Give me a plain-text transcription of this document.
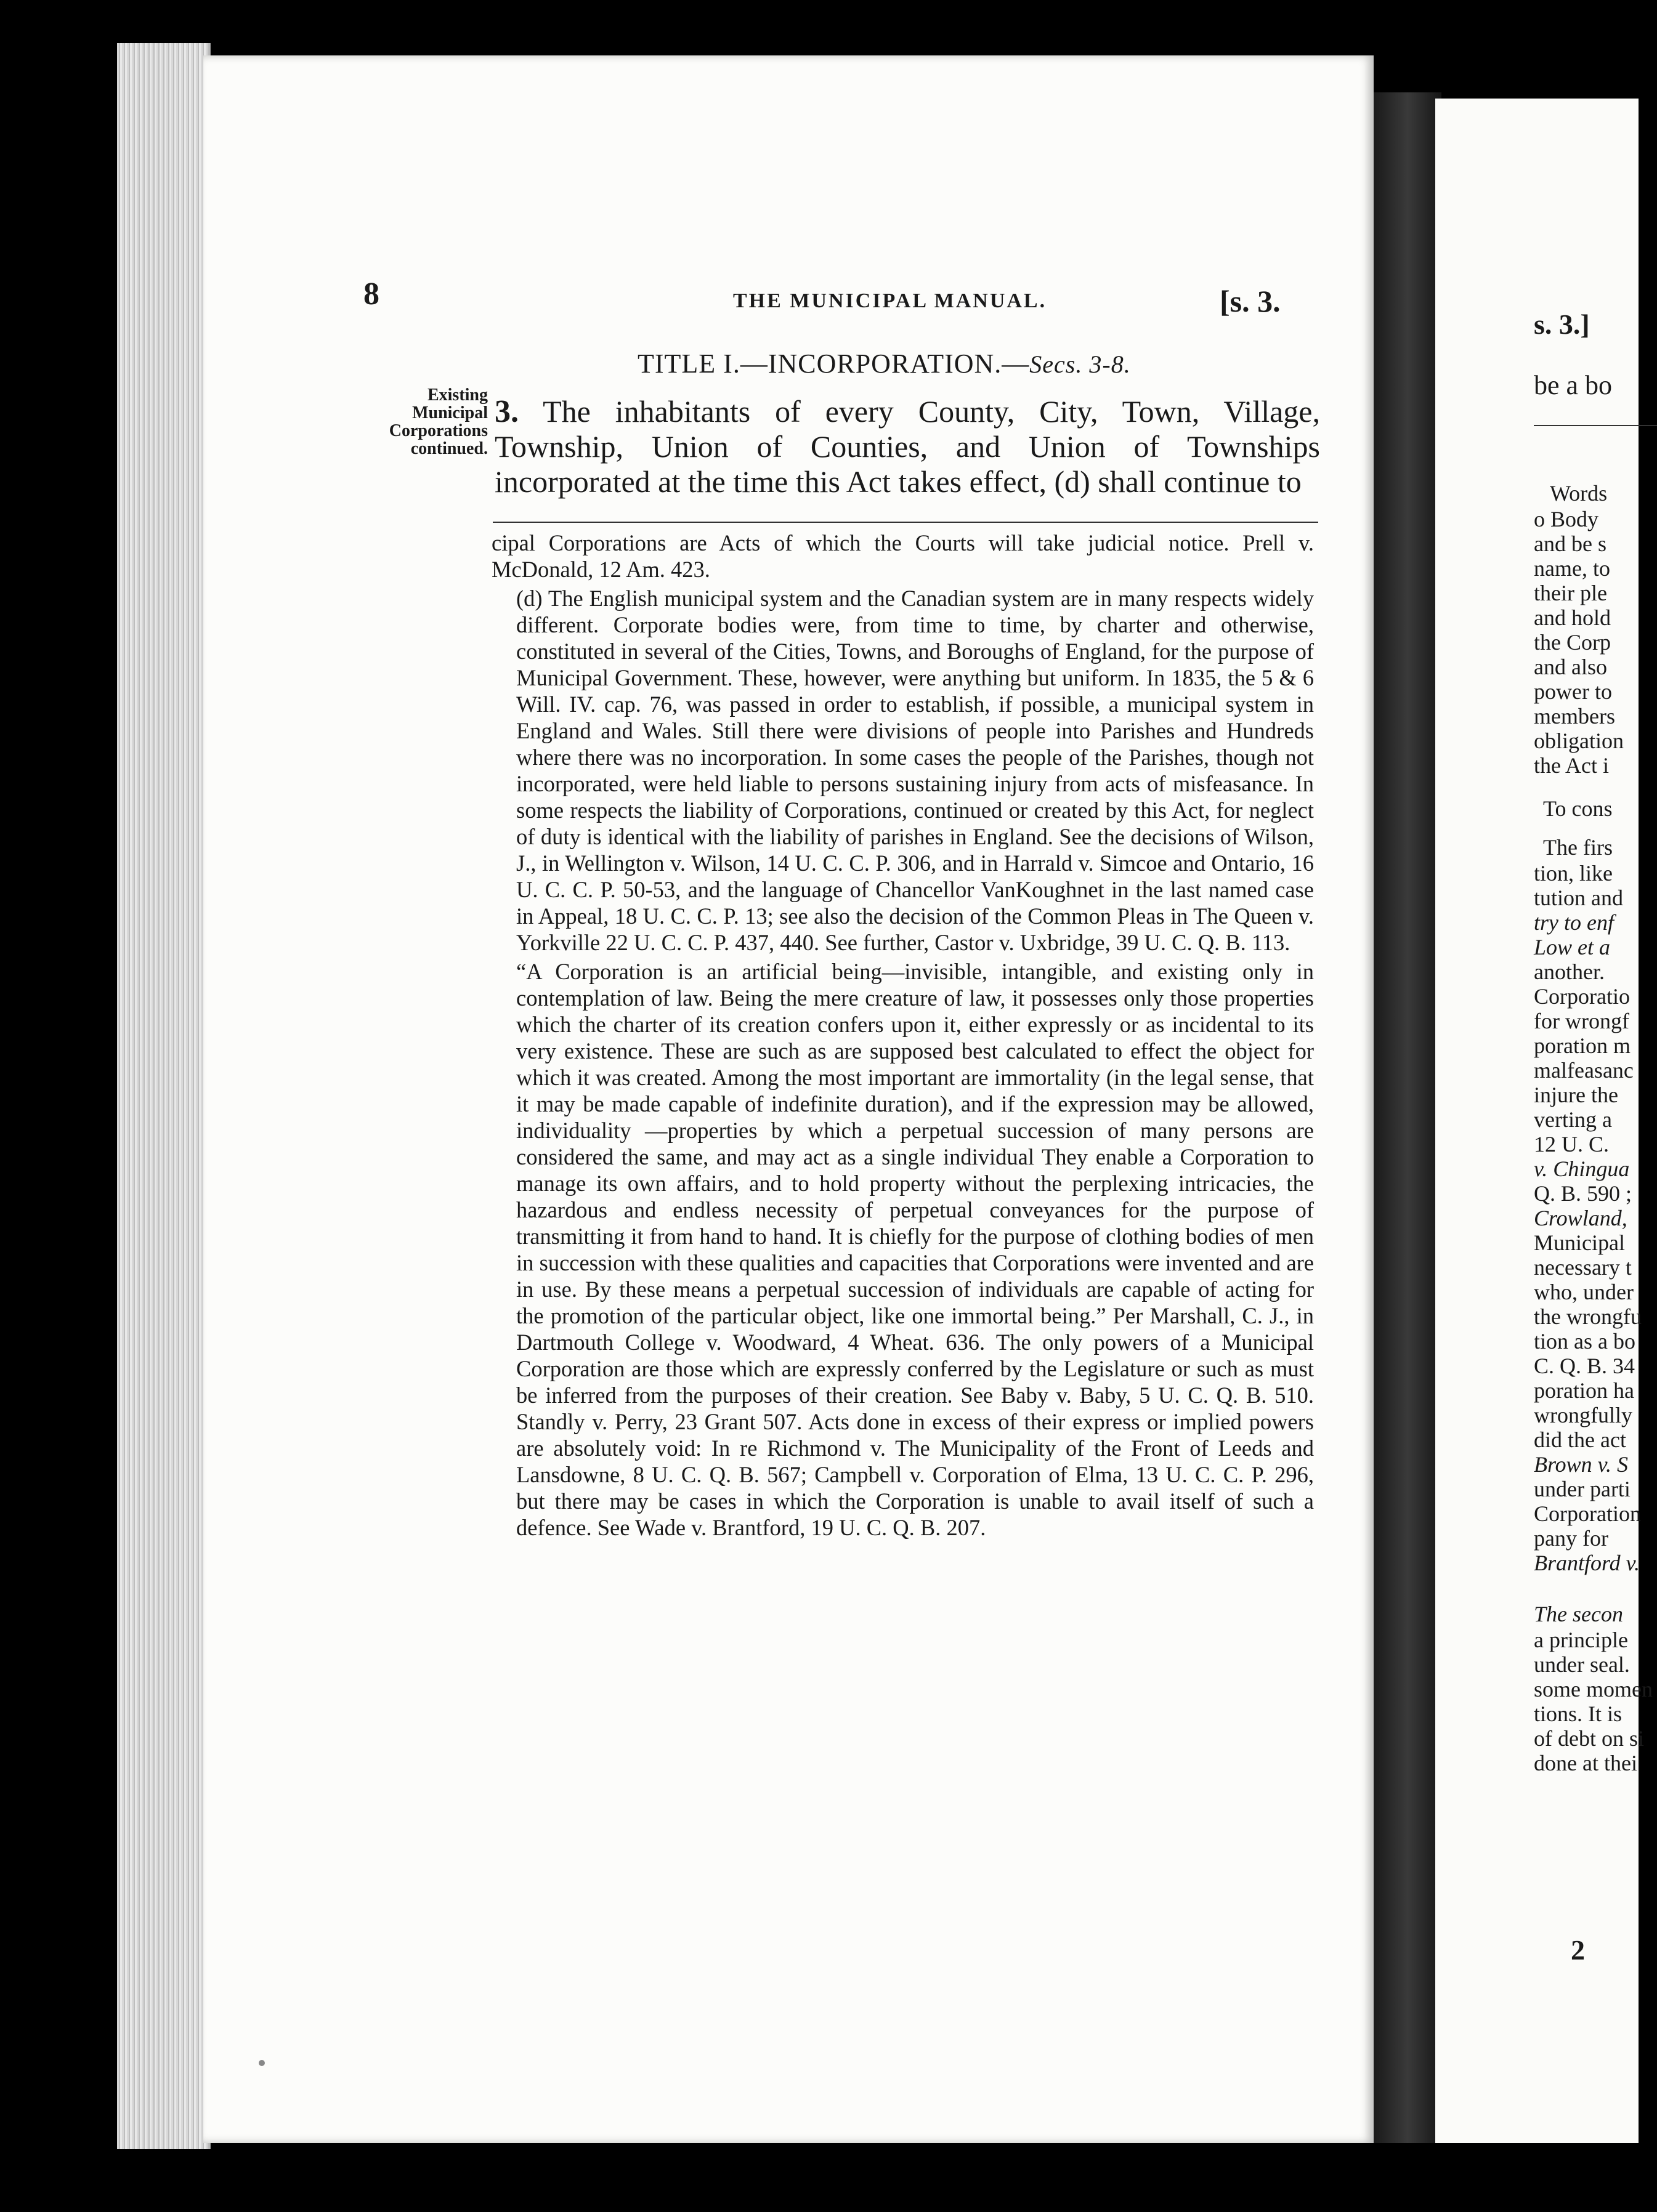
8	THE MUNICIPAL MANUAL.	[s. 3.
TITLE I.—INCORPORATION.—Secs. 3-8.
Existing
Municipal
Corporations
continued.
3. The inhabitants of every County, City, Town, Village, Township, Union of Counties, and Union of Townships incorporated at the time this Act takes effect, (d) shall continue to

cipal Corporations are Acts of which the Courts will take judicial notice. Prell v. McDonald, 12 Am. 423.

(d) The English municipal system and the Canadian system are in many respects widely different. Corporate bodies were, from time to time, by charter and otherwise, constituted in several of the Cities, Towns, and Boroughs of England, for the purpose of Municipal Government. These, however, were anything but uniform. In 1835, the 5 & 6 Will. IV. cap. 76, was passed in order to establish, if possible, a municipal system in England and Wales. Still there were divisions of people into Parishes and Hundreds where there was no incorporation. In some cases the people of the Parishes, though not incorporated, were held liable to persons sustaining injury from acts of misfeasance. In some respects the liability of Corporations, continued or created by this Act, for neglect of duty is identical with the liability of parishes in England. See the decisions of Wilson, J., in Wellington v. Wilson, 14 U. C. C. P. 306, and in Harrald v. Simcoe and Ontario, 16 U. C. C. P. 50-53, and the language of Chancellor VanKoughnet in the last named case in Appeal, 18 U. C. C. P. 13; see also the decision of the Common Pleas in The Queen v. Yorkville 22 U. C. C. P. 437, 440. See further, Castor v. Uxbridge, 39 U. C. Q. B. 113.

“A Corporation is an artificial being—invisible, intangible, and existing only in contemplation of law. Being the mere creature of law, it possesses only those properties which the charter of its creation confers upon it, either expressly or as incidental to its very existence. These are such as are supposed best calculated to effect the object for which it was created. Among the most important are immortality (in the legal sense, that it may be made capable of indefinite duration), and if the expression may be allowed, individuality —properties by which a perpetual succession of many persons are considered the same, and may act as a single individual They enable a Corporation to manage its own affairs, and to hold property without the perplexing intricacies, the hazardous and endless necessity of perpetual conveyances for the purpose of transmitting it from hand to hand. It is chiefly for the purpose of clothing bodies of men in succession with these qualities and capacities that Corporations were invented and are in use. By these means a perpetual succession of individuals are capable of acting for the promotion of the particular object, like one immortal being.” Per Marshall, C. J., in Dartmouth College v. Woodward, 4 Wheat. 636. The only powers of a Municipal Corporation are those which are expressly conferred by the Legislature or such as must be inferred from the purposes of their creation. See Baby v. Baby, 5 U. C. Q. B. 510. Standly v. Perry, 23 Grant 507. Acts done in excess of their express or implied powers are absolutely void: In re Richmond v. The Municipality of the Front of Leeds and Lansdowne, 8 U. C. Q. B. 567; Campbell v. Corporation of Elma, 13 U. C. C. P. 296, but there may be cases in which the Corporation is unable to avail itself of such a defence. See Wade v. Brantford, 19 U. C. Q. B. 207.

s. 3.]
be a bo
Words
o Body
and be s
name, to
their ple
and hold
the Corp
and also
power to
members
obligation
the Act i
To cons
The firs
tion, like
tution and
try to enf
Low et a
another.
Corporatio
for wrongf
poration m
malfeasanc
injure the
verting a
12 U. C.
v. Chingua
Q. B. 590 ;
Crowland,
Municipal
necessary t
who, under
the wrongfu
tion as a bo
C. Q. B. 34
poration ha
wrongfully
did the act
Brown v. S
under parti
Corporation
pany for
Brantford v.
The secon
a principle
under seal.
some momen
tions. It is
of debt on si
done at thei
2
